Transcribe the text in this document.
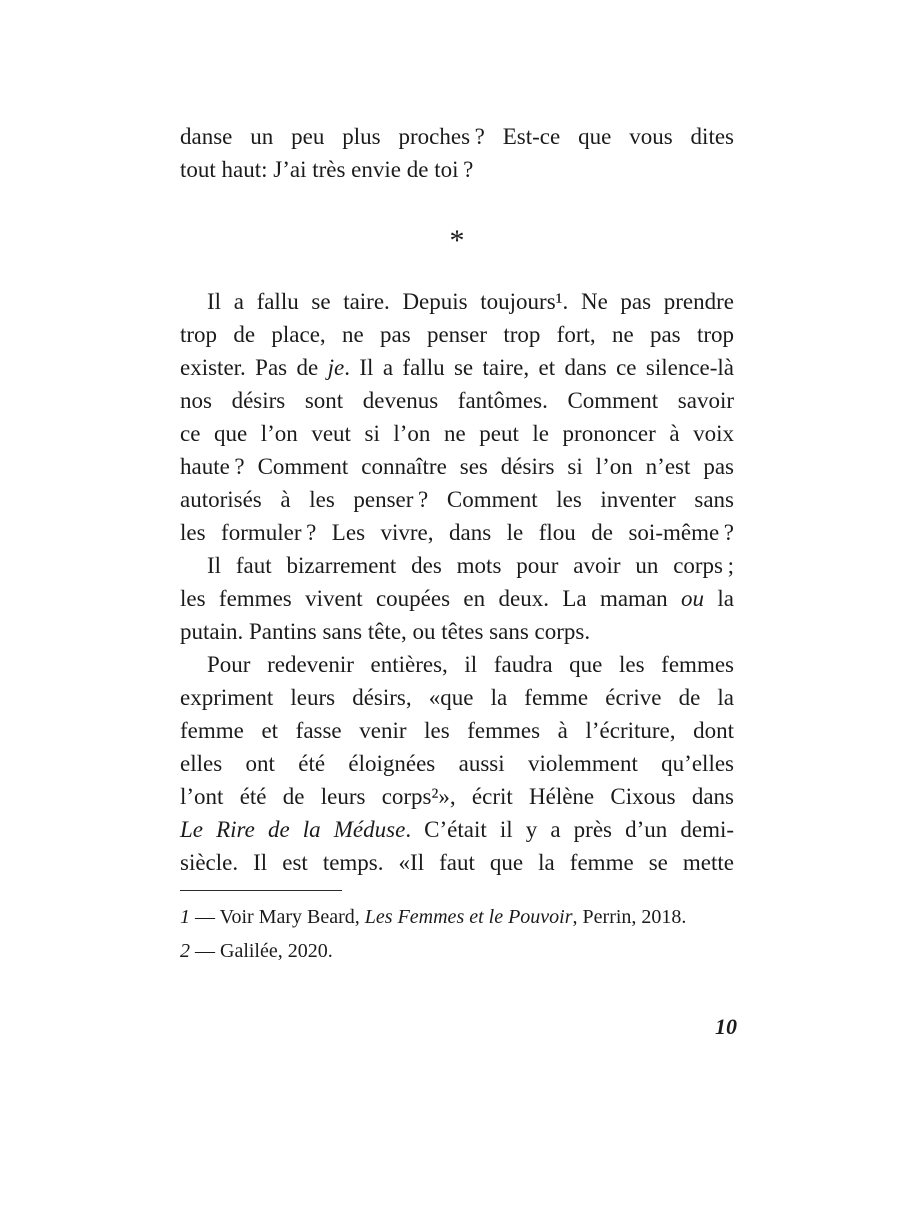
danse un peu plus proches ? Est-ce que vous dites
tout haut: J’ai très envie de toi ?

*

Il a fallu se taire. Depuis toujours¹. Ne pas prendre
trop de place, ne pas penser trop fort, ne pas trop
exister. Pas de je. Il a fallu se taire, et dans ce silence-là
nos désirs sont devenus fantômes. Comment savoir
ce que l’on veut si l’on ne peut le prononcer à voix
haute ? Comment connaître ses désirs si l’on n’est pas
autorisés à les penser ? Comment les inventer sans
les formuler ? Les vivre, dans le flou de soi-même ?

Il faut bizarrement des mots pour avoir un corps ;
les femmes vivent coupées en deux. La maman ou la
putain. Pantins sans tête, ou têtes sans corps.

Pour redevenir entières, il faudra que les femmes
expriment leurs désirs, «que la femme écrive de la
femme et fasse venir les femmes à l’écriture, dont
elles ont été éloignées aussi violemment qu’elles
l’ont été de leurs corps²», écrit Hélène Cixous dans
Le Rire de la Méduse. C’était il y a près d’un demi-
siècle. Il est temps. «Il faut que la femme se mette

1 — Voir Mary Beard, Les Femmes et le Pouvoir, Perrin, 2018.

2 — Galilée, 2020.

10
